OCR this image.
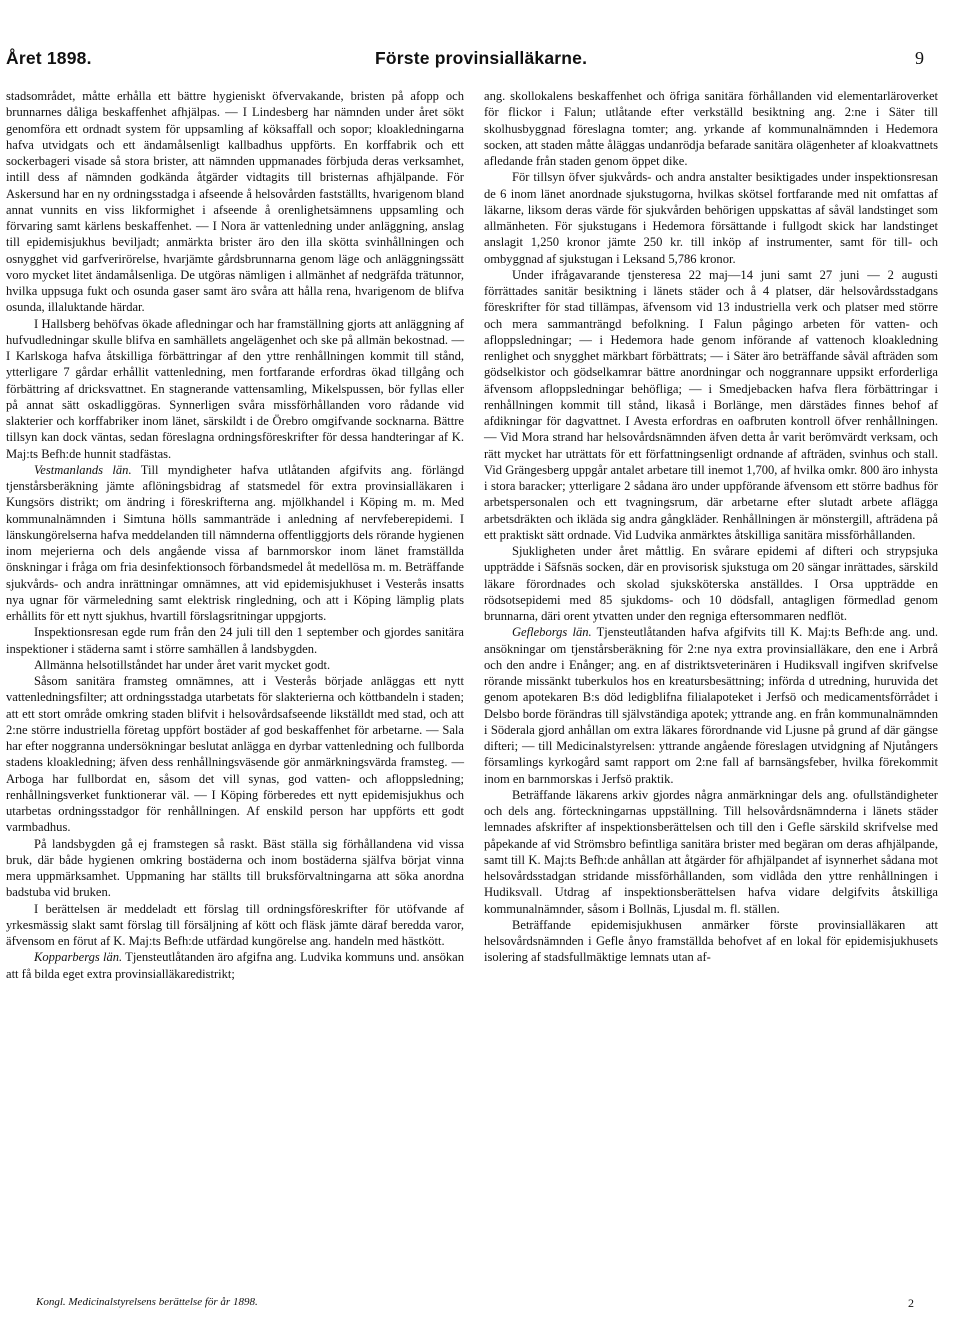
Året 1898.	Förste provinsialläkarne.	9

stadsområdet, måtte erhålla ett bättre hygieniskt öfvervakande, bristen på afopp och brunnarnes dåliga beskaffenhet afhjälpas. — I Lindesberg har nämnden under året sökt genomföra ett ordnadt system för uppsamling af köksaffall och sopor; kloakledningarna hafva utvidgats och ett ändamålsenligt kallbadhus uppförts. En korffabrik och ett sockerbageri visade så stora brister, att nämnden uppmanades förbjuda deras verksamhet, intill dess af nämnden godkända åtgärder vidtagits till bristernas afhjälpande. För Askersund har en ny ordningsstadga i afseende å helsovården fastställts, hvarigenom bland annat vunnits en viss likformighet i afseende å orenlighetsämnens uppsamling och förvaring samt kärlens beskaffenhet. — I Nora är vattenledning under anläggning, anslag till epidemisjukhus beviljadt; anmärkta brister äro den illa skötta svinhållningen och osnygghet vid garfverirörelse, hvarjämte gårdsbrunnarna genom läge och anläggningssätt voro mycket litet ändamålsenliga. De utgöras nämligen i allmänhet af nedgräfda trätunnor, hvilka uppsuga fukt och osunda gaser samt äro svåra att hålla rena, hvarigenom de blifva osunda, illaluktande härdar.

I Hallsberg behöfvas ökade afledningar och har framställning gjorts att anläggning af hufvudledningar skulle blifva en samhällets angelägenhet och ske på allmän bekostnad. — I Karlskoga hafva åtskilliga förbättringar af den yttre renhållningen kommit till stånd, ytterligare 7 gårdar erhållit vattenledning, men fortfarande erfordras ökad tillgång och förbättring af dricksvattnet. En stagnerande vattensamling, Mikelspussen, bör fyllas eller på annat sätt oskadliggöras. Synnerligen svåra missförhållanden voro rådande vid slakterier och korffabriker inom länet, särskildt i de Örebro omgifvande socknarna. Bättre tillsyn kan dock väntas, sedan föreslagna ordningsföreskrifter för dessa handteringar af K. Maj:ts Befh:de hunnit stadfästas.

Vestmanlands län. Till myndigheter hafva utlåtanden afgifvits ang. förlängd tjenstårsberäkning jämte aflöningsbidrag af statsmedel för extra provinsialläkaren i Kungsörs distrikt; om ändring i föreskrifterna ang. mjölkhandel i Köping m. m. Med kommunalnämnden i Simtuna hölls sammanträde i anledning af nervfeberepidemi. I länskungörelserna hafva meddelanden till nämnderna offentliggjorts dels rörande hygienen inom mejerierna och dels angående vissa af barnmorskor inom länet framställda önskningar i fråga om fria desinfektionsoch förbandsmedel åt medellösa m. m. Beträffande sjukvårds- och andra inrättningar omnämnes, att vid epidemisjukhuset i Vesterås insatts nya ugnar för värmeledning samt elektrisk ringledning, och att i Köping lämplig plats erhållits för ett nytt sjukhus, hvartill förslagsritningar uppgjorts.

Inspektionsresan egde rum från den 24 juli till den 1 september och gjordes sanitära inspektioner i städerna samt i större samhällen å landsbygden.

Allmänna helsotillståndet har under året varit mycket godt.

Såsom sanitära framsteg omnämnes, att i Vesterås började anläggas ett nytt vattenledningsfilter; att ordningsstadga utarbetats för slakterierna och köttbandeln i staden; att ett stort område omkring staden blifvit i helsovårdsafseende likställdt med stad, och att 2:ne större industriella företag uppfört bostäder af god beskaffenhet för arbetarne. — Sala har efter noggranna undersökningar beslutat anlägga en dyrbar vattenledning och fullborda stadens kloakledning; äfven dess renhållningsväsende gör anmärkningsvärda framsteg. — Arboga har fullbordat en, såsom det vill synas, god vatten- och afloppsledning; renhållningsverket funktionerar väl. — I Köping förberedes ett nytt epidemisjukhus och utarbetas ordningsstadgor för renhållningen. Af enskild person har uppförts ett godt varmbadhus.

På landsbygden gå ej framstegen så raskt. Bäst ställa sig förhållandena vid vissa bruk, där både hygienen omkring bostäderna och inom bostäderna själfva börjat vinna mera uppmärksamhet. Uppmaning har ställts till bruksförvaltningarna att söka anordna badstuba vid bruken.

I berättelsen är meddeladt ett förslag till ordningsföreskrifter för utöfvande af yrkesmässig slakt samt förslag till försäljning af kött och fläsk jämte däraf beredda varor, äfvensom en förut af K. Maj:ts Befh:de utfärdad kungörelse ang. handeln med hästkött.

Kopparbergs län. Tjensteutlåtanden äro afgifna ang. Ludvika kommuns und. ansökan att få bilda eget extra provinsialläkaredistrikt;

ang. skollokalens beskaffenhet och öfriga sanitära förhållanden vid elementarläroverket för flickor i Falun; utlåtande efter verkställd besiktning ang. 2:ne i Säter till skolhusbyggnad föreslagna tomter; ang. yrkande af kommunalnämnden i Hedemora socken, att staden måtte åläggas undanrödja befarade sanitära olägenheter af kloakvattnets afledande från staden genom öppet dike.

För tillsyn öfver sjukvårds- och andra anstalter besiktigades under inspektionsresan de 6 inom länet anordnade sjukstugorna, hvilkas skötsel fortfarande med nit omfattas af läkarne, liksom deras värde för sjukvården behörigen uppskattas af såväl landstinget som allmänheten. För sjukstugans i Hedemora försättande i fullgodt skick har landstinget anslagit 1,250 kronor jämte 250 kr. till inköp af instrumenter, samt för till- och ombyggnad af sjukstugan i Leksand 5,786 kronor.

Under ifrågavarande tjensteresa 22 maj—14 juni samt 27 juni — 2 augusti förrättades sanitär besiktning i länets städer och å 4 platser, där helsovårdsstadgans föreskrifter för stad tillämpas, äfvensom vid 13 industriella verk och platser med större och mera sammanträngd befolkning. I Falun pågingo arbeten för vatten- och afloppsledningar; — i Hedemora hade genom införande af vattenoch kloakledning renlighet och snygghet märkbart förbättrats; — i Säter äro beträffande såväl afträden som gödselkistor och gödselkamrar bättre anordningar och noggrannare uppsikt erforderliga äfvensom afloppsledningar behöfliga; — i Smedjebacken hafva flera förbättringar i renhållningen kommit till stånd, likaså i Borlänge, men därstädes finnes behof af afdikningar för dagvattnet. I Avesta erfordras en oafbruten kontroll öfver renhållningen. — Vid Mora strand har helsovårdsnämnden äfven detta år varit berömvärdt verksam, och rätt mycket har uträttats för ett författningsenligt ordnande af afträden, svinhus och stall. Vid Grängesberg uppgår antalet arbetare till inemot 1,700, af hvilka omkr. 800 äro inhysta i stora baracker; ytterligare 2 sådana äro under uppförande äfvensom ett större badhus för arbetspersonalen och ett tvagningsrum, där arbetarne efter slutadt arbete aflägga arbetsdräkten och ikläda sig andra gångkläder. Renhållningen är mönstergill, afträdena på ett praktiskt sätt ordnade. Vid Ludvika anmärktes åtskilliga sanitära missförhållanden.

Sjukligheten under året måttlig. En svårare epidemi af difteri och strypsjuka uppträdde i Säfsnäs socken, där en provisorisk sjukstuga om 20 sängar inrättades, särskild läkare förordnades och skolad sjuksköterska anställdes. I Orsa uppträdde en rödsotsepidemi med 85 sjukdoms- och 10 dödsfall, antagligen förmedlad genom brunnarna, däri orent ytvatten under den regniga eftersommaren nedflöt.

Gefleborgs län. Tjensteutlåtanden hafva afgifvits till K. Maj:ts Befh:de ang. und. ansökningar om tjenstårsberäkning för 2:ne nya extra provinsialläkare, den ene i Arbrå och den andre i Enånger; ang. en af distriktsveterinären i Hudiksvall ingifven skrifvelse rörande missänkt tuberkulos hos en kreatursbesättning; införda d utredning, huruvida det genom apotekaren B:s död ledigblifna filialapoteket i Jerfsö och medicamentsförrådet i Delsbo borde förändras till självständiga apotek; yttrande ang. en från kommunalnämnden i Söderala gjord anhållan om extra läkares förordnande vid Ljusne på grund af där gängse difteri; — till Medicinalstyrelsen: yttrande angående föreslagen utvidgning af Njutångers församlings kyrkogård samt rapport om 2:ne fall af barnsängsfeber, hvilka förekommit inom en barnmorskas i Jerfsö praktik.

Beträffande läkarens arkiv gjordes några anmärkningar dels ang. ofullständigheter och dels ang. förteckningarnas uppställning. Till helsovårdsnämnderna i länets städer lemnades afskrifter af inspektionsberättelsen och till den i Gefle särskild skrifvelse med påpekande af vid Strömsbro befintliga sanitära brister med begäran om deras afhjälpande, samt till K. Maj:ts Befh:de anhållan att åtgärder för afhjälpandet af isynnerhet sådana mot helsovårdsstadgan stridande missförhållanden, som vidlåda den yttre renhållningen i Hudiksvall. Utdrag af inspektionsberättelsen hafva vidare delgifvits åtskilliga kommunalnämnder, såsom i Bollnäs, Ljusdal m. fl. ställen.

Beträffande epidemisjukhusen anmärker förste provinsialläkaren att helsovårdsnämnden i Gefle ånyo framställda behofvet af en lokal för epidemisjukhusets isolering af stadsfullmäktige lemnats utan af-

Kongl. Medicinalstyrelsens berättelse för år 1898.	2
